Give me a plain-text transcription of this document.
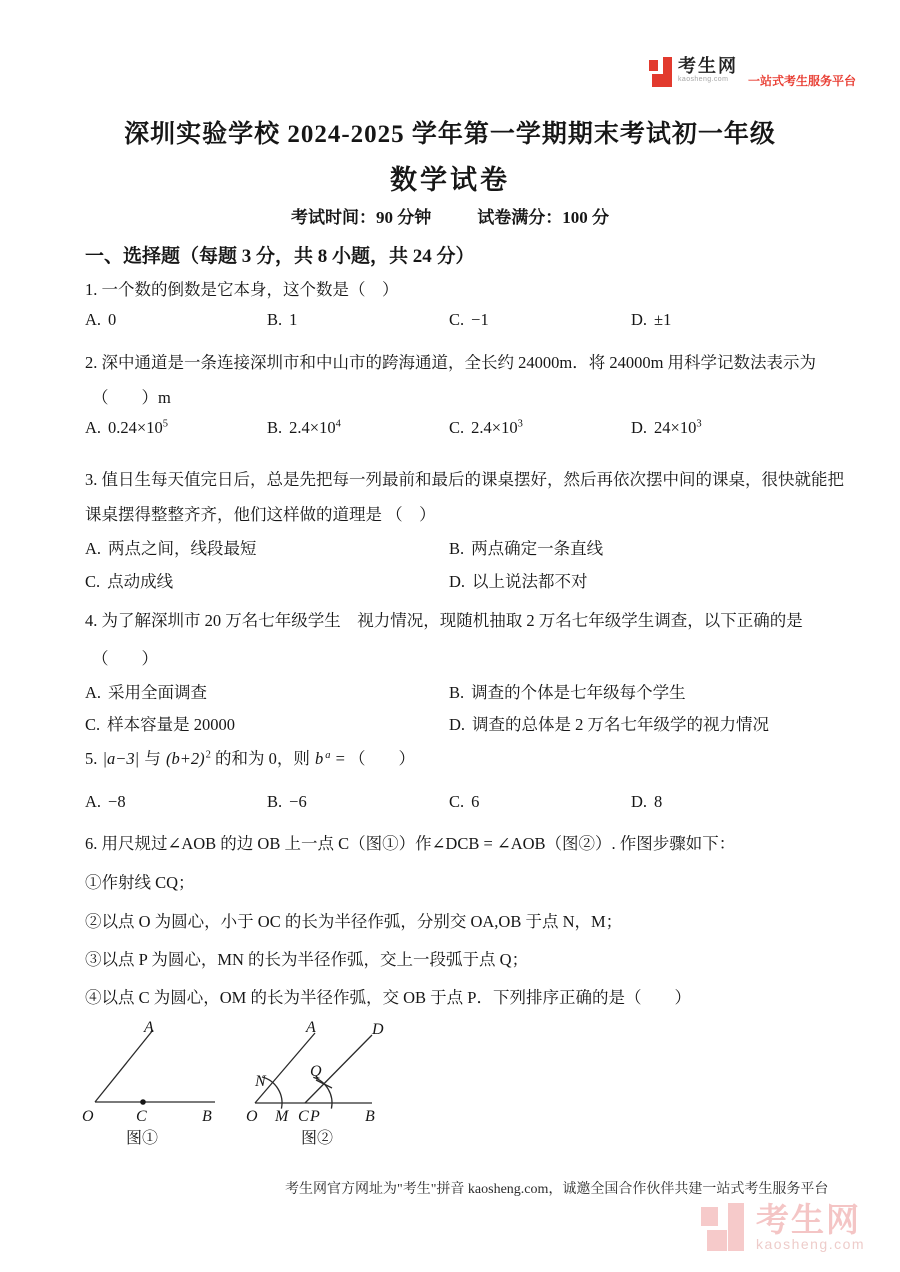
考生网
kaosheng.com	一站式考生服务平台
深圳实验学校 2024-2025 学年第一学期期末考试初一年级
数学试卷
考试时间：90 分钟	试卷满分：100 分
一、选择题（每题 3 分，共 8 小题，共 24 分）
1. 一个数的倒数是它本身，这个数是（　）
A. 0	B. 1	C. −1	D. ±1
2. 深中通道是一条连接深圳市和中山市的跨海通道，全长约 24000m．将 24000m 用科学记数法表示为
（　　）m
A. $0.24\times 10^5$	B. $2.4\times 10^4$	C. $2.4\times 10^3$	D. $24\times 10^3$
3. 值日生每天值完日后，总是先把每一列最前和最后的课桌摆好，然后再依次摆中间的课桌，很快就能把
课桌摆得整整齐齐，他们这样做的道理是 （　）
A. 两点之间，线段最短	B. 两点确定一条直线
C. 点动成线	D. 以上说法都不对
4. 为了解深圳市 20 万名七年级学生　视力情况，现随机抽取 2 万名七年级学生调查，以下正确的是
（　　）
A. 采用全面调查	B. 调查的个体是七年级每个学生
C. 样本容量是 20000	D. 调查的总体是 2 万名七年级学的视力情况
5. |a−3| 与 $(b+2)^2$ 的和为 0，则 b $^a$ = （　　）
A. −8	B. −6	C. 6	D. 8
6. 用尺规过∠AOB 的边 OB 上一点 C（图①）作∠DCB = ∠AOB（图②）. 作图步骤如下：
①作射线 CQ；
②以点 O 为圆心，小于 OC 的长为半径作弧，分别交 OA,OB 于点 N，M；
③以点 P 为圆心，MN 的长为半径作弧，交上一段弧于点 Q；
④以点 C 为圆心，OM 的长为半径作弧，交 OB 于点 P．下列排序正确的是（　　）
A
O	C	B
图①
A	D
N
Q
O M C P	B
图②
考生网官方网址为"考生"拼音 kaosheng.com，诚邀全国合作伙伴共建一站式考生服务平台
考生网
kaosheng.com
